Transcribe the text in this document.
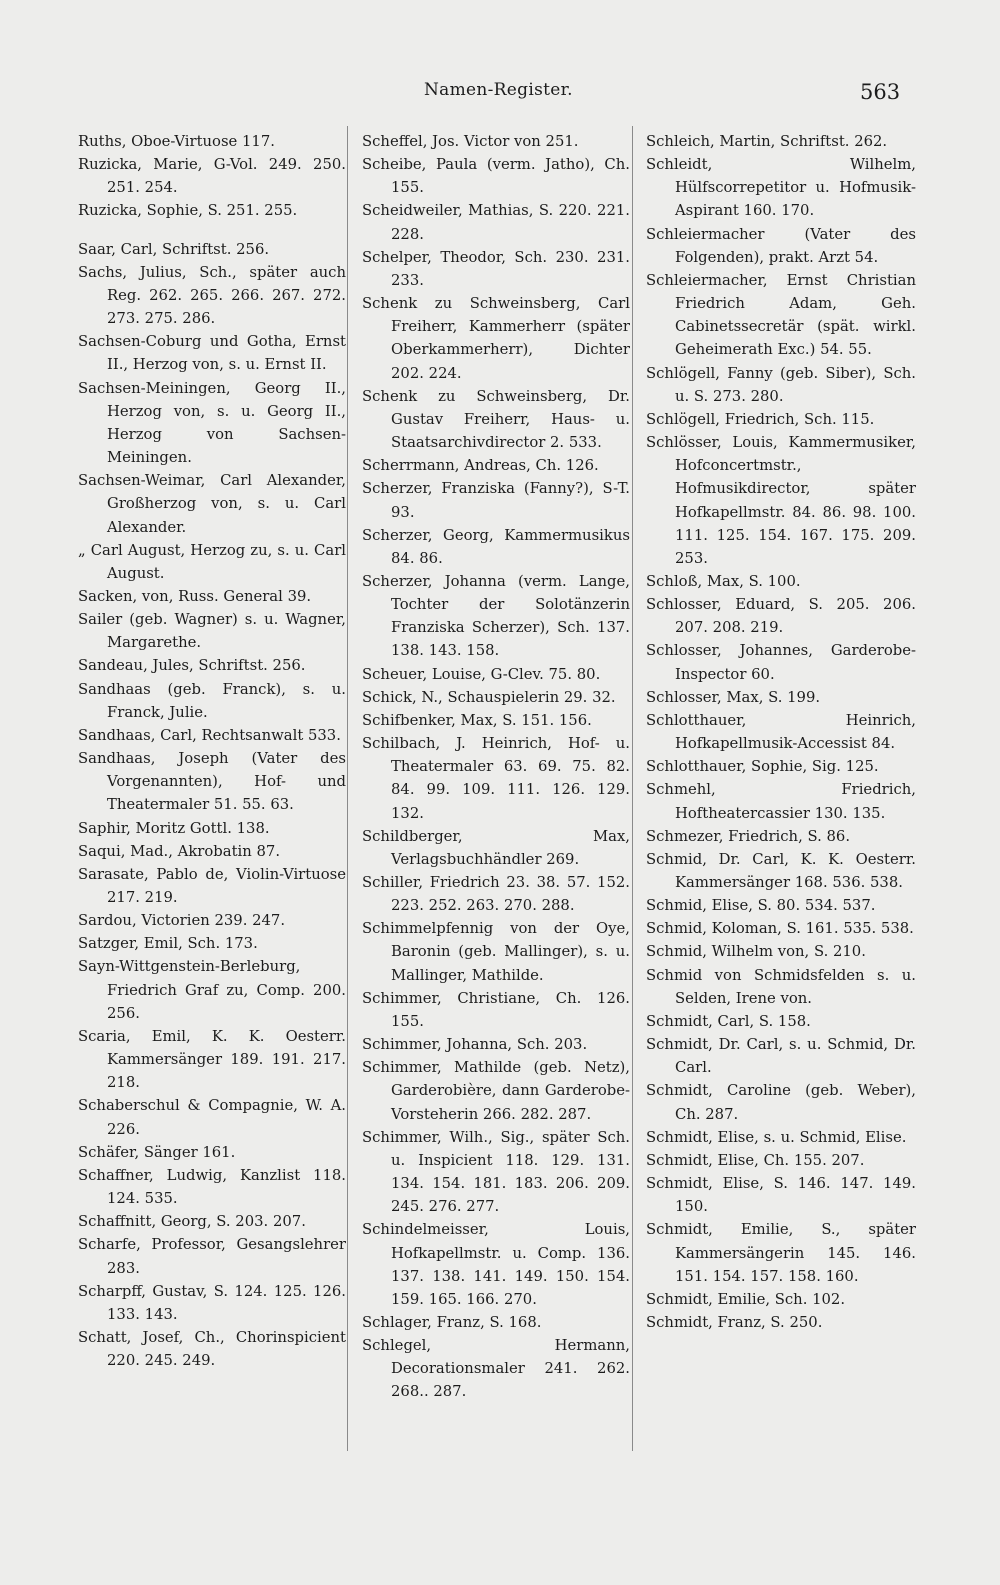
Namen-Register.	563
Ruths, Oboe-Virtuose 117.
Ruzicka, Marie, G-Vol. 249. 250. 251. 254.
Ruzicka, Sophie, S. 251. 255.
Saar, Carl, Schriftst. 256.
Sachs, Julius, Sch., später auch Reg. 262. 265. 266. 267. 272. 273. 275. 286.
Sachsen-Coburg und Gotha, Ernst II., Herzog von, s. u. Ernst II.
Sachsen-Meiningen, Georg II., Herzog von, s. u. Georg II., Herzog von Sachsen-Meiningen.
Sachsen-Weimar, Carl Alexander, Großherzog von, s. u. Carl Alexander.
„ Carl August, Herzog zu, s. u. Carl August.
Sacken, von, Russ. General 39.
Sailer (geb. Wagner) s. u. Wagner, Margarethe.
Sandeau, Jules, Schriftst. 256.
Sandhaas (geb. Franck), s. u. Franck, Julie.
Sandhaas, Carl, Rechtsanwalt 533.
Sandhaas, Joseph (Vater des Vorgenannten), Hof- und Theatermaler 51. 55. 63.
Saphir, Moritz Gottl. 138.
Saqui, Mad., Akrobatin 87.
Sarasate, Pablo de, Violin-Virtuose 217. 219.
Sardou, Victorien 239. 247.
Satzger, Emil, Sch. 173.
Sayn-Wittgenstein-Berleburg, Friedrich Graf zu, Comp. 200. 256.
Scaria, Emil, K. K. Oesterr. Kammersänger 189. 191. 217. 218.
Schaberschul & Compagnie, W. A. 226.
Schäfer, Sänger 161.
Schaffner, Ludwig, Kanzlist 118. 124. 535.
Schaffnitt, Georg, S. 203. 207.
Scharfe, Professor, Gesangslehrer 283.
Scharpff, Gustav, S. 124. 125. 126. 133. 143.
Schatt, Josef, Ch., Chorinspicient 220. 245. 249.
Scheffel, Jos. Victor von 251.
Scheibe, Paula (verm. Jatho), Ch. 155.
Scheidweiler, Mathias, S. 220. 221. 228.
Schelper, Theodor, Sch. 230. 231. 233.
Schenk zu Schweinsberg, Carl Freiherr, Kammerherr (später Oberkammerherr), Dichter 202. 224.
Schenk zu Schweinsberg, Dr. Gustav Freiherr, Haus- u. Staatsarchivdirector 2. 533.
Scherrmann, Andreas, Ch. 126.
Scherzer, Franziska (Fanny?), S-T. 93.
Scherzer, Georg, Kammermusikus 84. 86.
Scherzer, Johanna (verm. Lange, Tochter der Solotänzerin Franziska Scherzer), Sch. 137. 138. 143. 158.
Scheuer, Louise, G-Clev. 75. 80.
Schick, N., Schauspielerin 29. 32.
Schifbenker, Max, S. 151. 156.
Schilbach, J. Heinrich, Hof- u. Theatermaler 63. 69. 75. 82. 84. 99. 109. 111. 126. 129. 132.
Schildberger, Max, Verlagsbuchhändler 269.
Schiller, Friedrich 23. 38. 57. 152. 223. 252. 263. 270. 288.
Schimmelpfennig von der Oye, Baronin (geb. Mallinger), s. u. Mallinger, Mathilde.
Schimmer, Christiane, Ch. 126. 155.
Schimmer, Johanna, Sch. 203.
Schimmer, Mathilde (geb. Netz), Garderobière, dann Garderobe-Vorsteherin 266. 282. 287.
Schimmer, Wilh., Sig., später Sch. u. Inspicient 118. 129. 131. 134. 154. 181. 183. 206. 209. 245. 276. 277.
Schindelmeisser, Louis, Hofkapellmstr. u. Comp. 136. 137. 138. 141. 149. 150. 154. 159. 165. 166. 270.
Schlager, Franz, S. 168.
Schlegel, Hermann, Decorationsmaler 241. 262. 268.. 287.
Schleich, Martin, Schriftst. 262.
Schleidt, Wilhelm, Hülfscorrepetitor u. Hofmusik-Aspirant 160. 170.
Schleiermacher (Vater des Folgenden), prakt. Arzt 54.
Schleiermacher, Ernst Christian Friedrich Adam, Geh. Cabinetssecretär (spät. wirkl. Geheimerath Exc.) 54. 55.
Schlögell, Fanny (geb. Siber), Sch. u. S. 273. 280.
Schlögell, Friedrich, Sch. 115.
Schlösser, Louis, Kammermusiker, Hofconcertmstr., Hofmusikdirector, später Hofkapellmstr. 84. 86. 98. 100. 111. 125. 154. 167. 175. 209. 253.
Schloß, Max, S. 100.
Schlosser, Eduard, S. 205. 206. 207. 208. 219.
Schlosser, Johannes, Garderobe-Inspector 60.
Schlosser, Max, S. 199.
Schlotthauer, Heinrich, Hofkapellmusik-Accessist 84.
Schlotthauer, Sophie, Sig. 125.
Schmehl, Friedrich, Hoftheatercassier 130. 135.
Schmezer, Friedrich, S. 86.
Schmid, Dr. Carl, K. K. Oesterr. Kammersänger 168. 536. 538.
Schmid, Elise, S. 80. 534. 537.
Schmid, Koloman, S. 161. 535. 538.
Schmid, Wilhelm von, S. 210.
Schmid von Schmidsfelden s. u. Selden, Irene von.
Schmidt, Carl, S. 158.
Schmidt, Dr. Carl, s. u. Schmid, Dr. Carl.
Schmidt, Caroline (geb. Weber), Ch. 287.
Schmidt, Elise, s. u. Schmid, Elise.
Schmidt, Elise, Ch. 155. 207.
Schmidt, Elise, S. 146. 147. 149. 150.
Schmidt, Emilie, S., später Kammersängerin 145. 146. 151. 154. 157. 158. 160.
Schmidt, Emilie, Sch. 102.
Schmidt, Franz, S. 250.
